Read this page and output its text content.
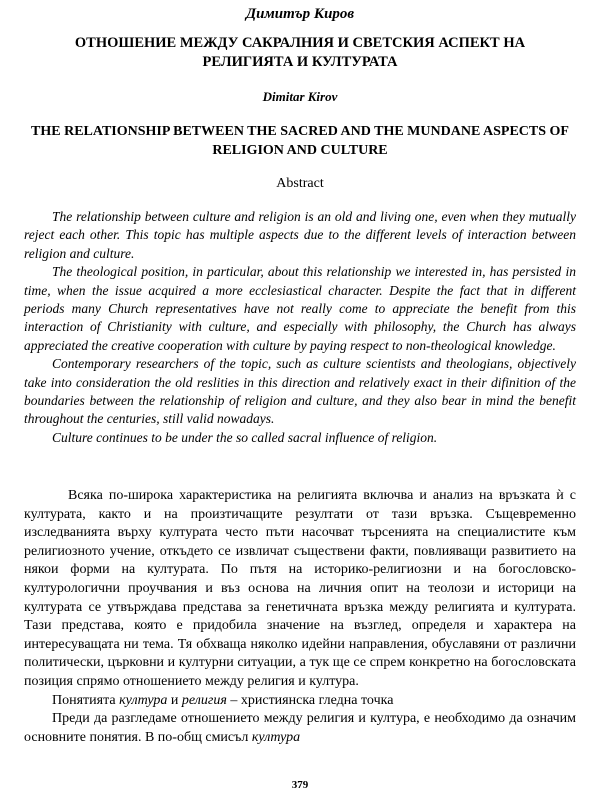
Димитър Киров
ОТНОШЕНИЕ МЕЖДУ САКРАЛНИЯ И СВЕТСКИЯ АСПЕКТ НА РЕЛИГИЯТА И КУЛТУРАТА
Dimitar Kirov
THE RELATIONSHIP BETWEEN THE SACRED AND THE MUNDANE ASPECTS OF RELIGION AND CULTURE
Abstract

The relationship between culture and religion is an old and living one, even when they mutually reject each other. This topic has multiple aspects due to the different levels of interaction between religion and culture.

The theological position, in particular, about this relationship we interested in, has persisted in time, when the issue acquired a more ecclesiastical character. Despite the fact that in different periods many Church representatives have not really come to appreciate the benefit from this interaction of Christianity with culture, and especially with philosophy, the Church has always appreciated the creative cooperation with culture by paying respect to non-theological knowledge.

Contemporary researchers of the topic, such as culture scientists and theologians, objectively take into consideration the old reslities in this direction and relatively exact in their difinition of the boundaries between the relationship of religion and culture, and they also bear in mind the benefit throughout the centuries, still valid nowadays.

Culture continues to be under the so called sacral influence of religion.

Всяка по-широка характеристика на религията включва и анализ на връзката ѝ с културата, както и на произтичащите резултати от тази връзка. Същевременно изследванията върху културата често пъти насочват търсенията на специалистите към религиозното учение, откъдето се извличат съществени факти, повлияващи развитието на някои форми на културата. По пътя на историко-религиозни и на богословско-културологични проучвания и въз основа на личния опит на теолози и историци на културата се утвърждава представа за генетичната връзка между религията и културата. Тази представа, която е придобила значение на възглед, определя и характера на интересуващата ни тема. Тя обхваща няколко идейни направления, обуславяни от различни политически, църковни и културни ситуации, а тук ще се спрем конкретно на богословската позиция спрямо отношението между религия и култура.

Понятията култура и религия – християнска гледна точка

Преди да разгледаме отношението между религия и култура, е необходимо да означим основните понятия. В по-общ смисъл култура

379
